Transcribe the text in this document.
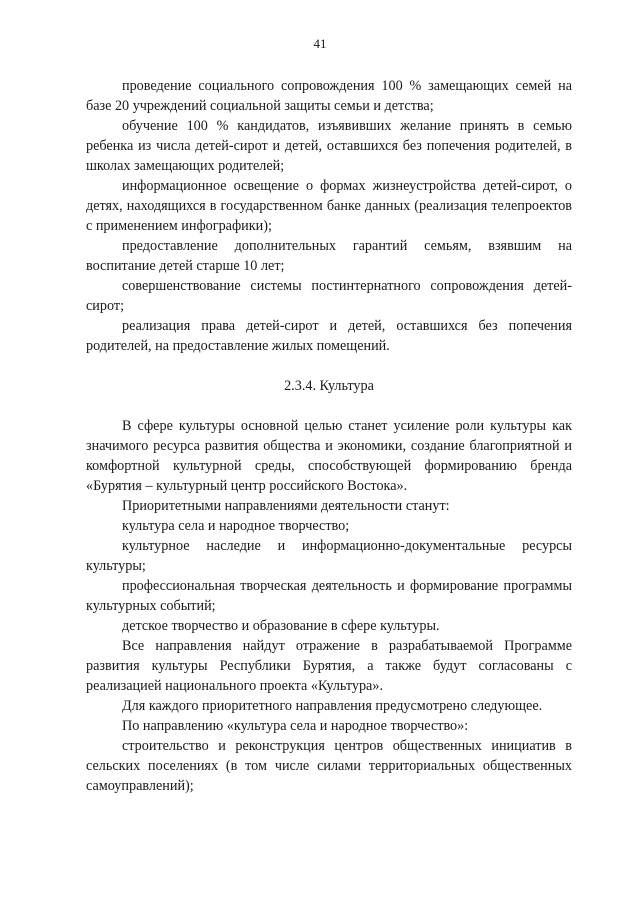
41

проведение социального сопровождения 100 % замещающих семей на базе 20 учреждений социальной защиты семьи и детства;

обучение 100 % кандидатов, изъявивших желание принять в семью ребенка из числа детей-сирот и детей, оставшихся без попечения родителей, в школах замещающих родителей;

информационное освещение о формах жизнеустройства детей-сирот, о детях, находящихся в государственном банке данных (реализация телепроектов с применением инфографики);

предоставление дополнительных гарантий семьям, взявшим на воспитание детей старше 10 лет;

совершенствование системы постинтернатного сопровождения детей-сирот;

реализация права детей-сирот и детей, оставшихся без попечения родителей, на предоставление жилых помещений.

2.3.4. Культура

В сфере культуры основной целью станет усиление роли культуры как значимого ресурса развития общества и экономики, создание благоприятной и комфортной культурной среды, способствующей формированию бренда «Бурятия – культурный центр российского Востока».

Приоритетными направлениями деятельности станут:

культура села и народное творчество;

культурное наследие и информационно-документальные ресурсы культуры;

профессиональная творческая деятельность и формирование программы культурных событий;

детское творчество и образование в сфере культуры.

Все направления найдут отражение в разрабатываемой Программе развития культуры Республики Бурятия, а также будут согласованы с реализацией национального проекта «Культура».

Для каждого приоритетного направления предусмотрено следующее.

По направлению «культура села и народное творчество»:

строительство и реконструкция центров общественных инициатив в сельских поселениях (в том числе силами территориальных общественных самоуправлений);
